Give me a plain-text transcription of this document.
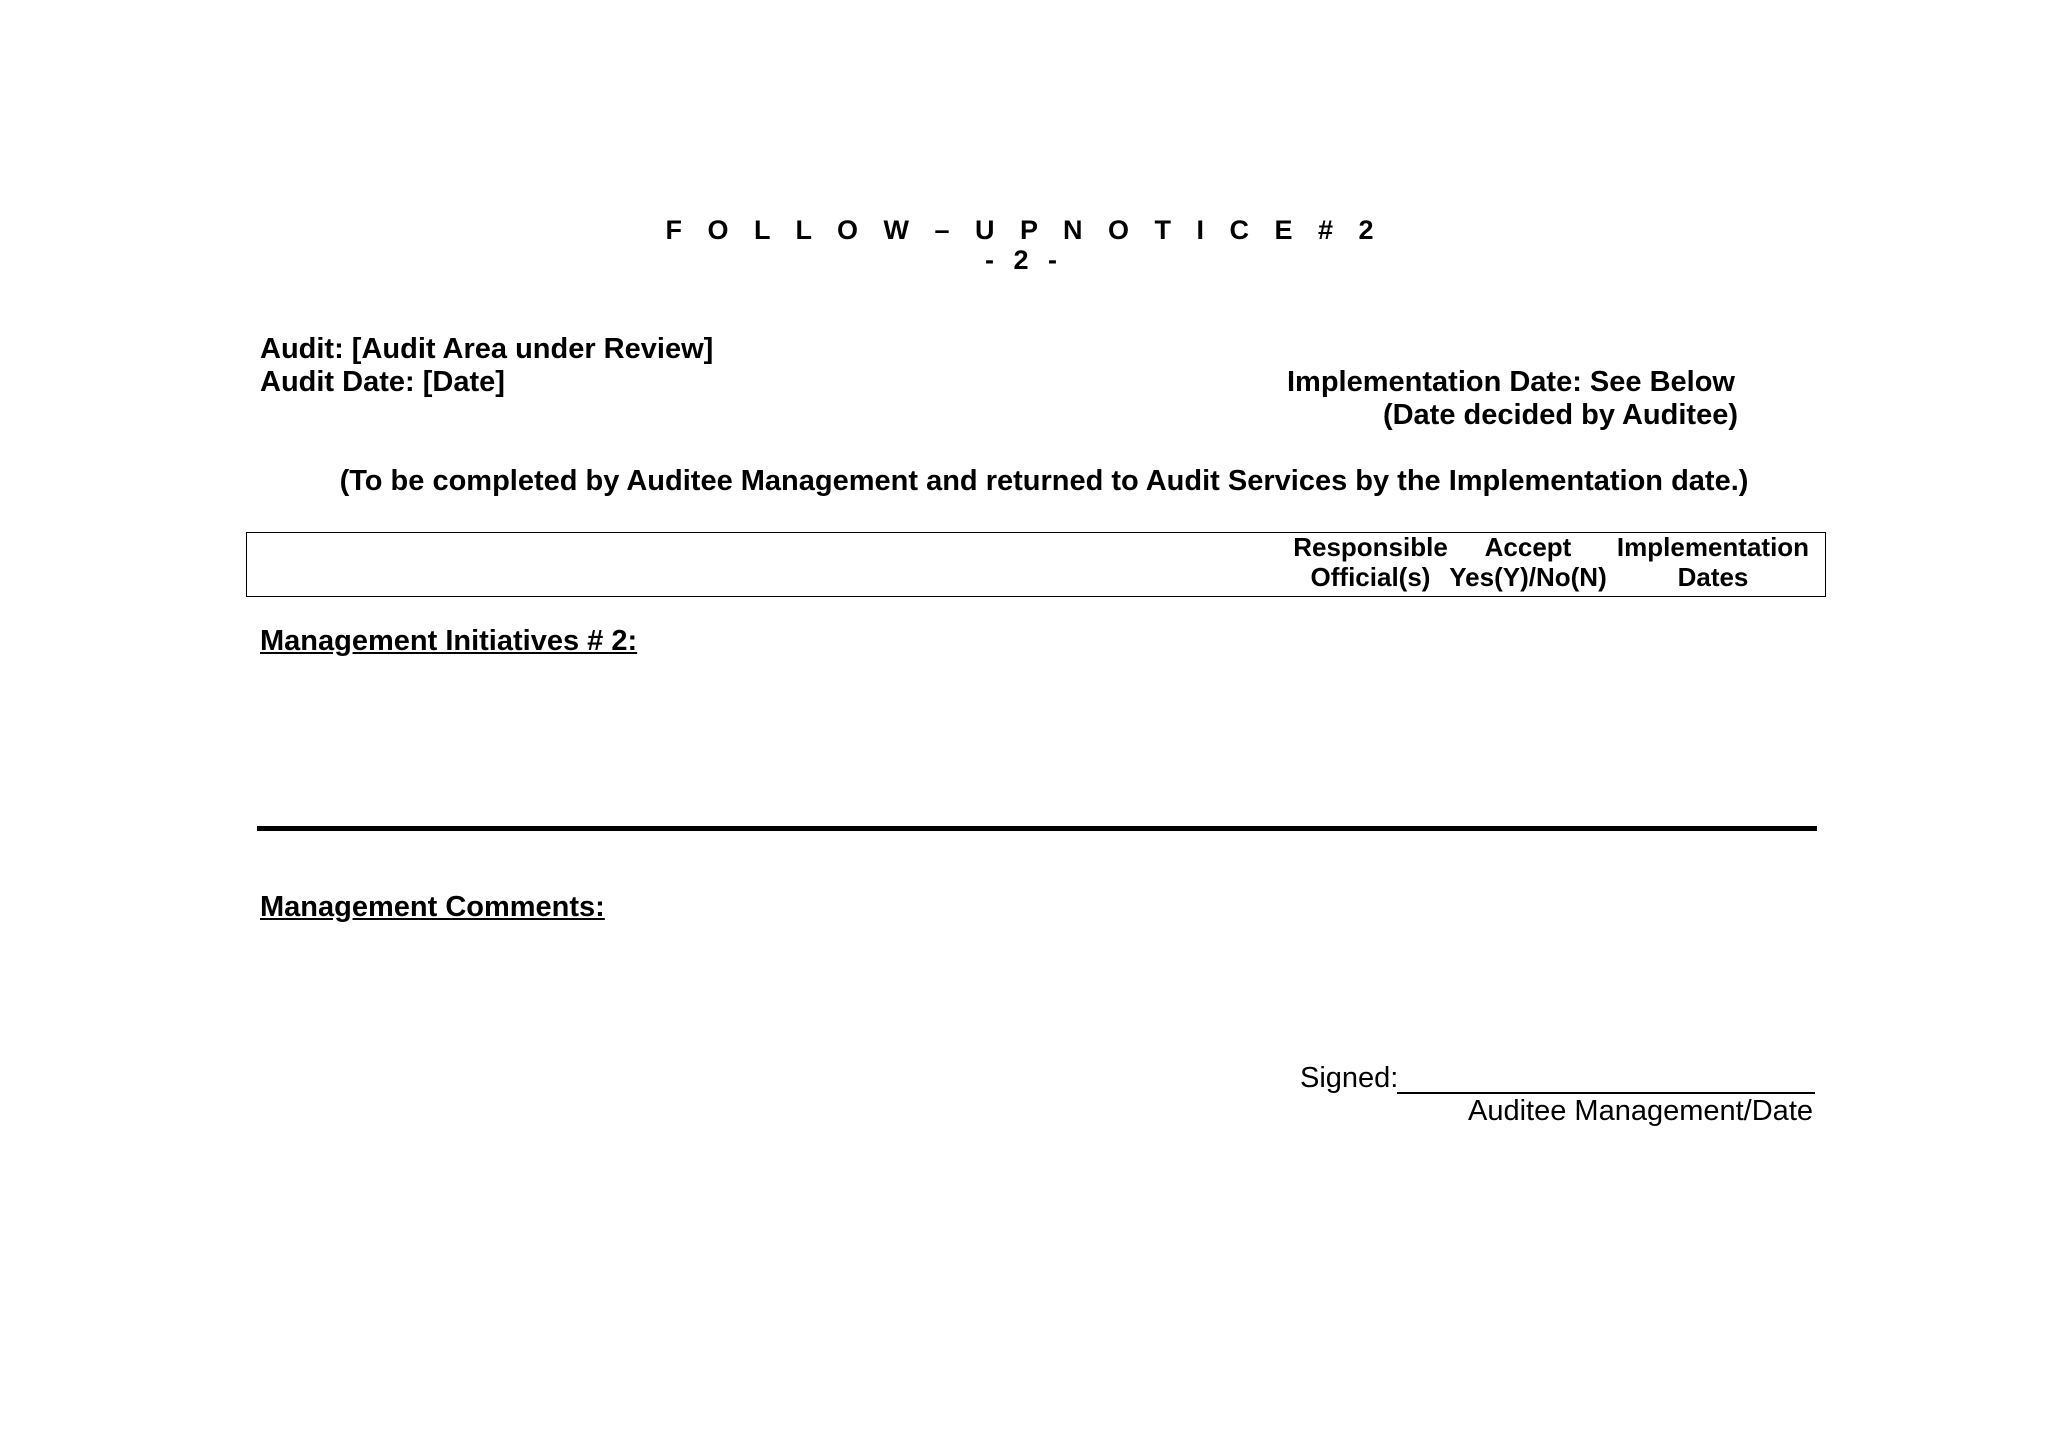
F O L L O W – U P N O T I C E # 2
- 2 -
Audit: [Audit Area under Review]
Audit Date: [Date]	Implementation Date: See Below
(Date decided by Auditee)
(To be completed by Auditee Management and returned to Audit Services by the Implementation date.)
Responsible
Official(s)
Accept
Yes(Y)/No(N)
Implementation
Dates
Management Initiatives # 2:
Management Comments:
Signed:
Auditee Management/Date
